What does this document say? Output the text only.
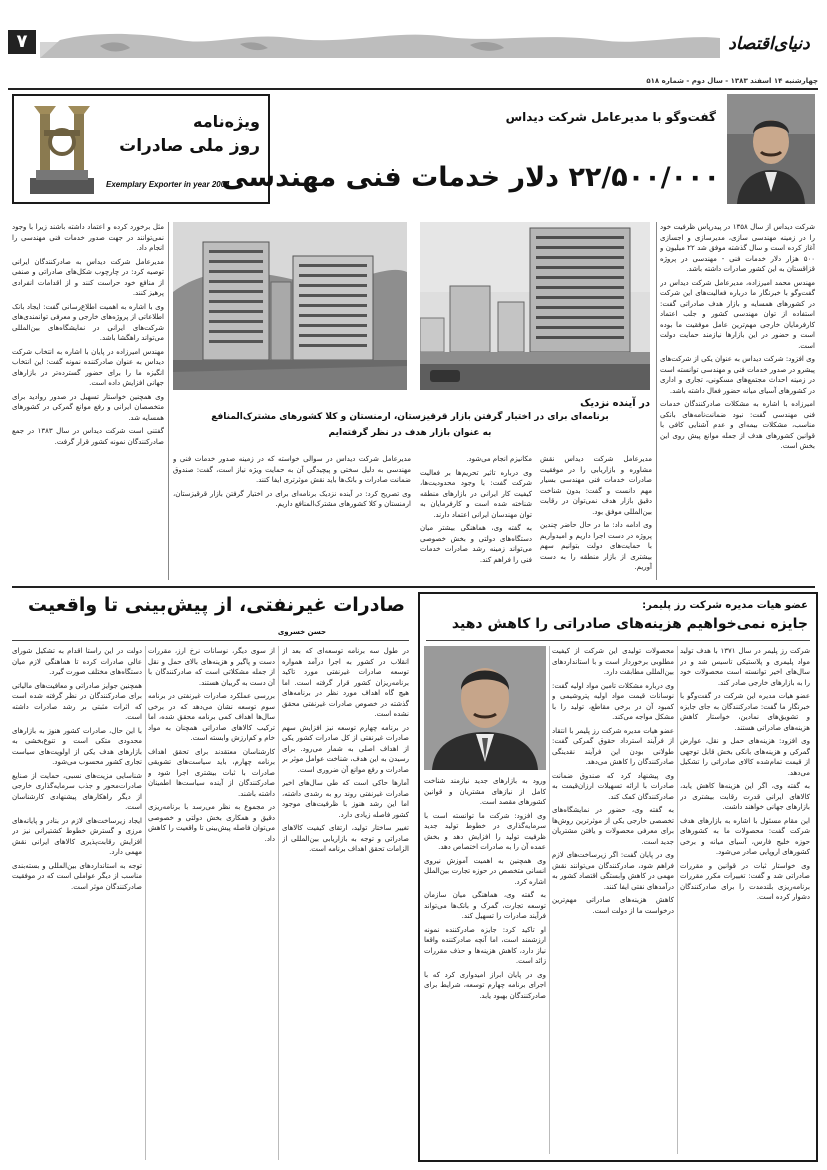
۷	دنیای‌اقتصاد
چهارشنبه ۱۴ اسفند ۱۳۸۳ - سال دوم - شماره ۵۱۸
ویژه‌نامه
روز ملی صادرات
Exemplary Exporter in year 2004
گفت‌وگو با مدیرعامل شرکت دیداس
۲۲/۵۰۰/۰۰۰ دلار خدمات فنی مهندسی
در آینده نزدیک
برنامه‌ای برای در اختیار گرفتن بازار قرقیزستان، ارمنستان و کلا کشورهای مشترک‌المنافع
به عنوان بازار هدف در نظر گرفته‌ایم

شرکت دیداس از سال ۱۳۵۸ در پیدرپاس ظرفیت خود را در زمینه مهندسی سازی، مدیرسازی و اجسازی آغاز کرده است و سال گذشته موفق شد ۲۲ میلیون و ۵۰۰ هزار دلار خدمات فنی - مهندسی در پروژه قزاقستان به این کشور صادرات داشته باشد.

مهندس محمد امیرزاده، مدیرعامل شرکت دیداس در گفت‌وگو با خبرنگار ما درباره فعالیت‌های این شرکت در کشورهای همسایه و بازار هدف صادراتی گفت: استفاده از توان مهندسی کشور و جلب اعتماد کارفرمایان خارجی مهم‌ترین عامل موفقیت ما بوده است و حضور در این بازارها نیازمند حمایت دولت است.

وی افزود: شرکت دیداس به عنوان یکی از شرکت‌های پیشرو در صدور خدمات فنی و مهندسی توانسته است در زمینه احداث مجتمع‌های مسکونی، تجاری و اداری در کشورهای آسیای میانه حضور فعال داشته باشد.

امیرزاده با اشاره به مشکلات صادرکنندگان خدمات فنی مهندسی گفت: نبود ضمانت‌نامه‌های بانکی مناسب، مشکلات بیمه‌ای و عدم آشنایی کافی با قوانین کشورهای هدف از جمله موانع پیش روی این بخش است.

مدیرعامل شرکت دیداس نقش مشاوره و بازاریابی را در موفقیت صادرات خدمات فنی مهندسی بسیار مهم دانست و گفت: بدون شناخت دقیق بازار هدف نمی‌توان در رقابت بین‌المللی موفق بود.

وی ادامه داد: ما در حال حاضر چندین پروژه در دست اجرا داریم و امیدواریم با حمایت‌های دولت بتوانیم سهم بیشتری از بازار منطقه را به دست آوریم.

مکانیزم انجام می‌شود.

وی درباره تاثیر تحریم‌ها بر فعالیت شرکت گفت: با وجود محدودیت‌ها، کیفیت کار ایرانی در بازارهای منطقه شناخته شده است و کارفرمایان به توان مهندسان ایرانی اعتماد دارند.

به گفته وی، هماهنگی بیشتر میان دستگاه‌های دولتی و بخش خصوصی می‌تواند زمینه رشد صادرات خدمات فنی را فراهم کند.

مدیرعامل شرکت دیداس در سوالی خواسته که در زمینه صدور خدمات فنی و مهندسی به دلیل سختی و پیچیدگی آن به حمایت ویژه نیاز است، گفت: صندوق ضمانت صادرات و بانک‌ها باید نقش موثرتری ایفا کنند.

وی تصریح کرد: در آینده نزدیک برنامه‌ای برای در اختیار گرفتن بازار قرقیزستان، ارمنستان و کلا کشورهای مشترک‌المنافع داریم.

مثل برخورد کرده و اعتماد داشته باشند زیرا با وجود نمی‌توانند در جهت صدور خدمات فنی مهندسی را انجام داد.

مدیرعامل شرکت دیداس به صادرکنندگان ایرانی توصیه کرد: در چارچوب شکل‌های صادراتی و صنفی از منافع خود حراست کنند و از اقدامات انفرادی پرهیز کنند.

وی با اشاره به اهمیت اطلاع‌رسانی گفت: ایجاد بانک اطلاعاتی از پروژه‌های خارجی و معرفی توانمندی‌های شرکت‌های ایرانی در نمایشگاه‌های بین‌المللی می‌تواند راهگشا باشد.

مهندس امیرزاده در پایان با اشاره به انتخاب شرکت دیداس به عنوان صادرکننده نمونه گفت: این انتخاب انگیزه ما را برای حضور گسترده‌تر در بازارهای جهانی افزایش داده است.

وی همچنین خواستار تسهیل در صدور روادید برای متخصصان ایرانی و رفع موانع گمرکی در کشورهای همسایه شد.

گفتنی است شرکت دیداس در سال ۱۳۸۳ در جمع صادرکنندگان نمونه کشور قرار گرفت.

صادرات غیرنفتی، از پیش‌بینی تا واقعیت
حسن خسروی

در طول سه برنامه توسعه‌ای که بعد از انقلاب در کشور به اجرا درآمد همواره توسعه صادرات غیرنفتی مورد تاکید برنامه‌ریزان کشور قرار گرفته است. اما هیچ گاه اهداف مورد نظر در برنامه‌های گذشته در خصوص صادرات غیرنفتی محقق نشده است.

در برنامه چهارم توسعه نیز افزایش سهم صادرات غیرنفتی از کل صادرات کشور یکی از اهداف اصلی به شمار می‌رود. برای رسیدن به این هدف، شناخت عوامل موثر بر صادرات و رفع موانع آن ضروری است.

آمارها حاکی است که طی سال‌های اخیر صادرات غیرنفتی روند رو به رشدی داشته، اما این رشد هنوز با ظرفیت‌های موجود کشور فاصله زیادی دارد.

تغییر ساختار تولید، ارتقای کیفیت کالاهای صادراتی و توجه به بازاریابی بین‌المللی از الزامات تحقق اهداف برنامه است.

از سوی دیگر، نوسانات نرخ ارز، مقررات دست و پاگیر و هزینه‌های بالای حمل و نقل از جمله مشکلاتی است که صادرکنندگان با آن دست به گریبان هستند.

بررسی عملکرد صادرات غیرنفتی در برنامه سوم توسعه نشان می‌دهد که در برخی سال‌ها اهداف کمی برنامه محقق شده، اما ترکیب کالاهای صادراتی همچنان به مواد خام و کم‌ارزش وابسته است.

کارشناسان معتقدند برای تحقق اهداف برنامه چهارم، باید سیاست‌های تشویقی صادرات با ثبات بیشتری اجرا شود و صادرکنندگان از آینده سیاست‌ها اطمینان داشته باشند.

در مجموع به نظر می‌رسد با برنامه‌ریزی دقیق و همکاری بخش دولتی و خصوصی می‌توان فاصله پیش‌بینی تا واقعیت را کاهش داد.

دولت در این راستا اقدام به تشکیل شورای عالی صادرات کرده تا هماهنگی لازم میان دستگاه‌های مختلف صورت گیرد.

همچنین جوایز صادراتی و معافیت‌های مالیاتی برای صادرکنندگان در نظر گرفته شده است که اثرات مثبتی بر رشد صادرات داشته است.

با این حال، صادرات کشور هنوز به بازارهای محدودی متکی است و تنوع‌بخشی به بازارهای هدف یکی از اولویت‌های سیاست تجاری کشور محسوب می‌شود.

شناسایی مزیت‌های نسبی، حمایت از صنایع صادرات‌محور و جذب سرمایه‌گذاری خارجی از دیگر راهکارهای پیشنهادی کارشناسان است.

ایجاد زیرساخت‌های لازم در بنادر و پایانه‌های مرزی و گسترش خطوط کشتیرانی نیز در افزایش رقابت‌پذیری کالاهای ایرانی نقش مهمی دارد.

توجه به استانداردهای بین‌المللی و بسته‌بندی مناسب از دیگر عواملی است که در موفقیت صادرکنندگان موثر است.

عضو هیات مدیره شرکت رز پلیمر:
جایزه نمی‌خواهیم هزینه‌های صادراتی را کاهش دهید

شرکت رز پلیمر در سال ۱۳۷۱ با هدف تولید مواد پلیمری و پلاستیکی تاسیس شد و در سال‌های اخیر توانسته است محصولات خود را به بازارهای خارجی صادر کند.

عضو هیات مدیره این شرکت در گفت‌وگو با خبرنگار ما گفت: صادرکنندگان به جای جایزه و تشویق‌های نمادین، خواستار کاهش هزینه‌های صادراتی هستند.

وی افزود: هزینه‌های حمل و نقل، عوارض گمرکی و هزینه‌های بانکی بخش قابل توجهی از قیمت تمام‌شده کالای صادراتی را تشکیل می‌دهد.

به گفته وی، اگر این هزینه‌ها کاهش یابد، کالاهای ایرانی قدرت رقابت بیشتری در بازارهای جهانی خواهند داشت.

این مقام مسئول با اشاره به بازارهای هدف شرکت گفت: محصولات ما به کشورهای حوزه خلیج فارس، آسیای میانه و برخی کشورهای اروپایی صادر می‌شود.

وی خواستار ثبات در قوانین و مقررات صادراتی شد و گفت: تغییرات مکرر مقررات برنامه‌ریزی بلندمدت را برای صادرکنندگان دشوار کرده است.

محصولات تولیدی این شرکت از کیفیت مطلوبی برخوردار است و با استانداردهای بین‌المللی مطابقت دارد.

وی درباره مشکلات تامین مواد اولیه گفت: نوسانات قیمت مواد اولیه پتروشیمی و کمبود آن در برخی مقاطع، تولید را با مشکل مواجه می‌کند.

عضو هیات مدیره شرکت رز پلیمر با انتقاد از فرآیند استرداد حقوق گمرکی گفت: طولانی بودن این فرآیند نقدینگی صادرکنندگان را کاهش می‌دهد.

وی پیشنهاد کرد که صندوق ضمانت صادرات با ارائه تسهیلات ارزان‌قیمت به صادرکنندگان کمک کند.

به گفته وی، حضور در نمایشگاه‌های تخصصی خارجی یکی از موثرترین روش‌ها برای معرفی محصولات و یافتن مشتریان جدید است.

وی در پایان گفت: اگر زیرساخت‌های لازم فراهم شود، صادرکنندگان می‌توانند نقش مهمی در کاهش وابستگی اقتصاد کشور به درآمدهای نفتی ایفا کنند.

کاهش هزینه‌های صادراتی مهم‌ترین درخواست ما از دولت است.

ورود به بازارهای جدید نیازمند شناخت کامل از نیازهای مشتریان و قوانین کشورهای مقصد است.

وی افزود: شرکت ما توانسته است با سرمایه‌گذاری در خطوط تولید جدید ظرفیت تولید را افزایش دهد و بخش عمده آن را به صادرات اختصاص دهد.

وی همچنین به اهمیت آموزش نیروی انسانی متخصص در حوزه تجارت بین‌الملل اشاره کرد.

به گفته وی، هماهنگی میان سازمان توسعه تجارت، گمرک و بانک‌ها می‌تواند فرآیند صادرات را تسهیل کند.

او تاکید کرد: جایزه صادرکننده نمونه ارزشمند است، اما آنچه صادرکننده واقعا نیاز دارد، کاهش هزینه‌ها و حذف مقررات زائد است.

وی در پایان ابراز امیدواری کرد که با اجرای برنامه چهارم توسعه، شرایط برای صادرکنندگان بهبود یابد.
